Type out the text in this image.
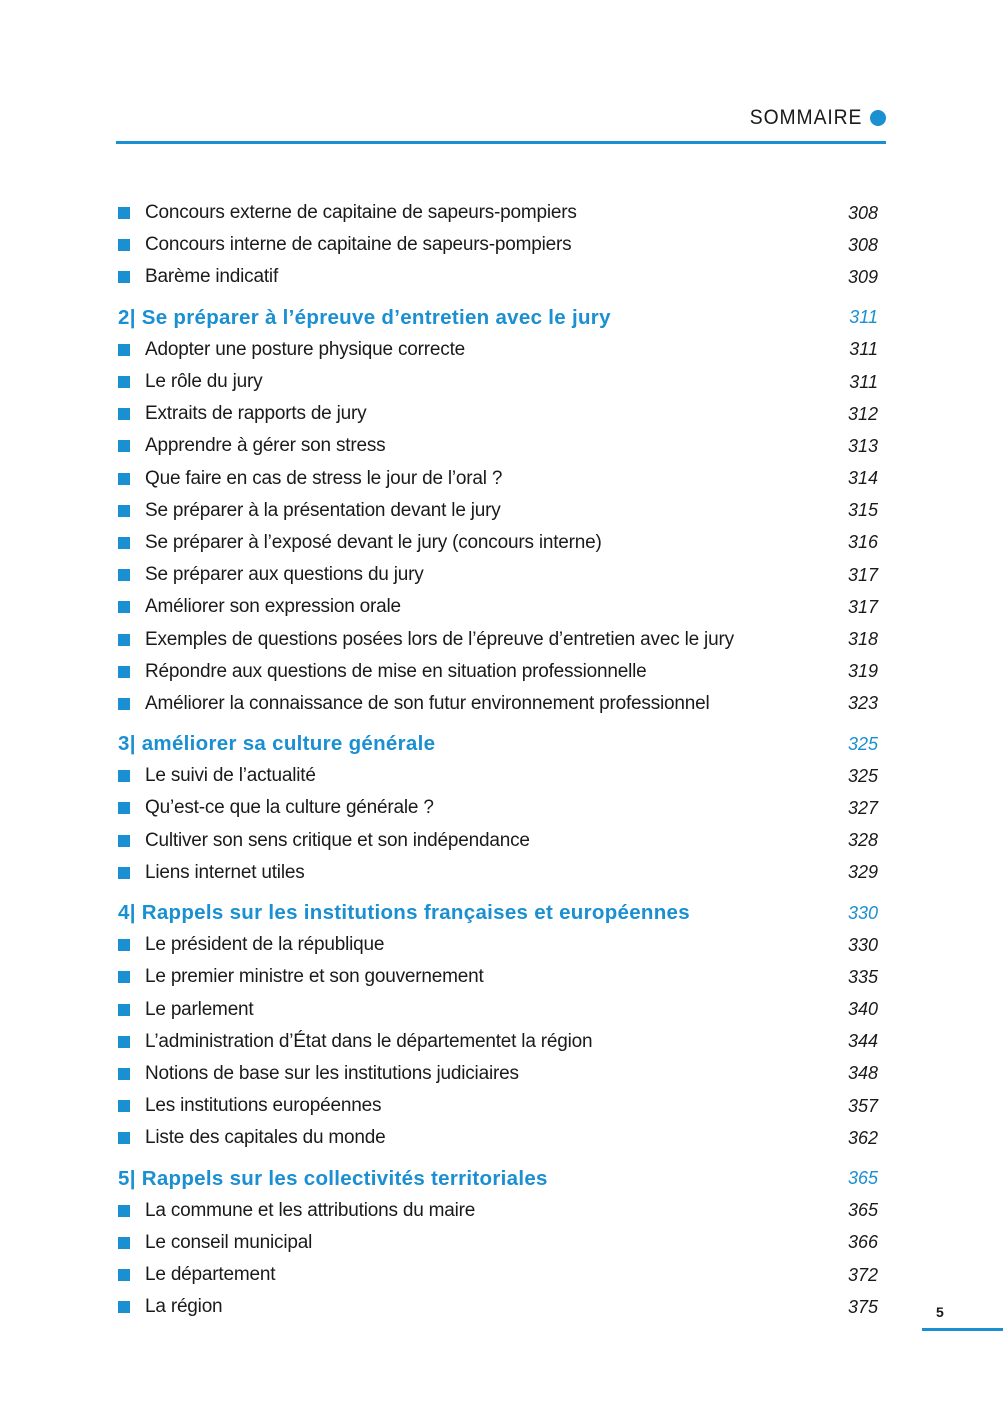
SOMMAIRE
Concours externe de capitaine de sapeurs-pompiers	308
Concours interne de capitaine de sapeurs-pompiers	308
Barème indicatif	309
2| Se préparer à l’épreuve d’entretien avec le jury	311
Adopter une posture physique correcte	311
Le rôle du jury	311
Extraits de rapports de jury	312
Apprendre à gérer son stress	313
Que faire en cas de stress le jour de l’oral ?	314
Se préparer à la présentation devant le jury	315
Se préparer à l’exposé devant le jury (concours interne)	316
Se préparer aux questions du jury	317
Améliorer son expression orale	317
Exemples de questions posées lors de l’épreuve d’entretien avec le jury	318
Répondre aux questions de mise en situation professionnelle	319
Améliorer la connaissance de son futur environnement professionnel	323
3| améliorer sa culture générale	325
Le suivi de l’actualité	325
Qu’est-ce que la culture générale ?	327
Cultiver son sens critique et son indépendance	328
Liens internet utiles	329
4| Rappels sur les institutions françaises et européennes	330
Le président de la république	330
Le premier ministre et son gouvernement	335
Le parlement	340
L’administration d’État dans le départementet la région	344
Notions de base sur les institutions judiciaires	348
Les institutions européennes	357
Liste des capitales du monde	362
5| Rappels sur les collectivités territoriales	365
La commune et les attributions du maire	365
Le conseil municipal	366
Le département	372
La région	375	5
